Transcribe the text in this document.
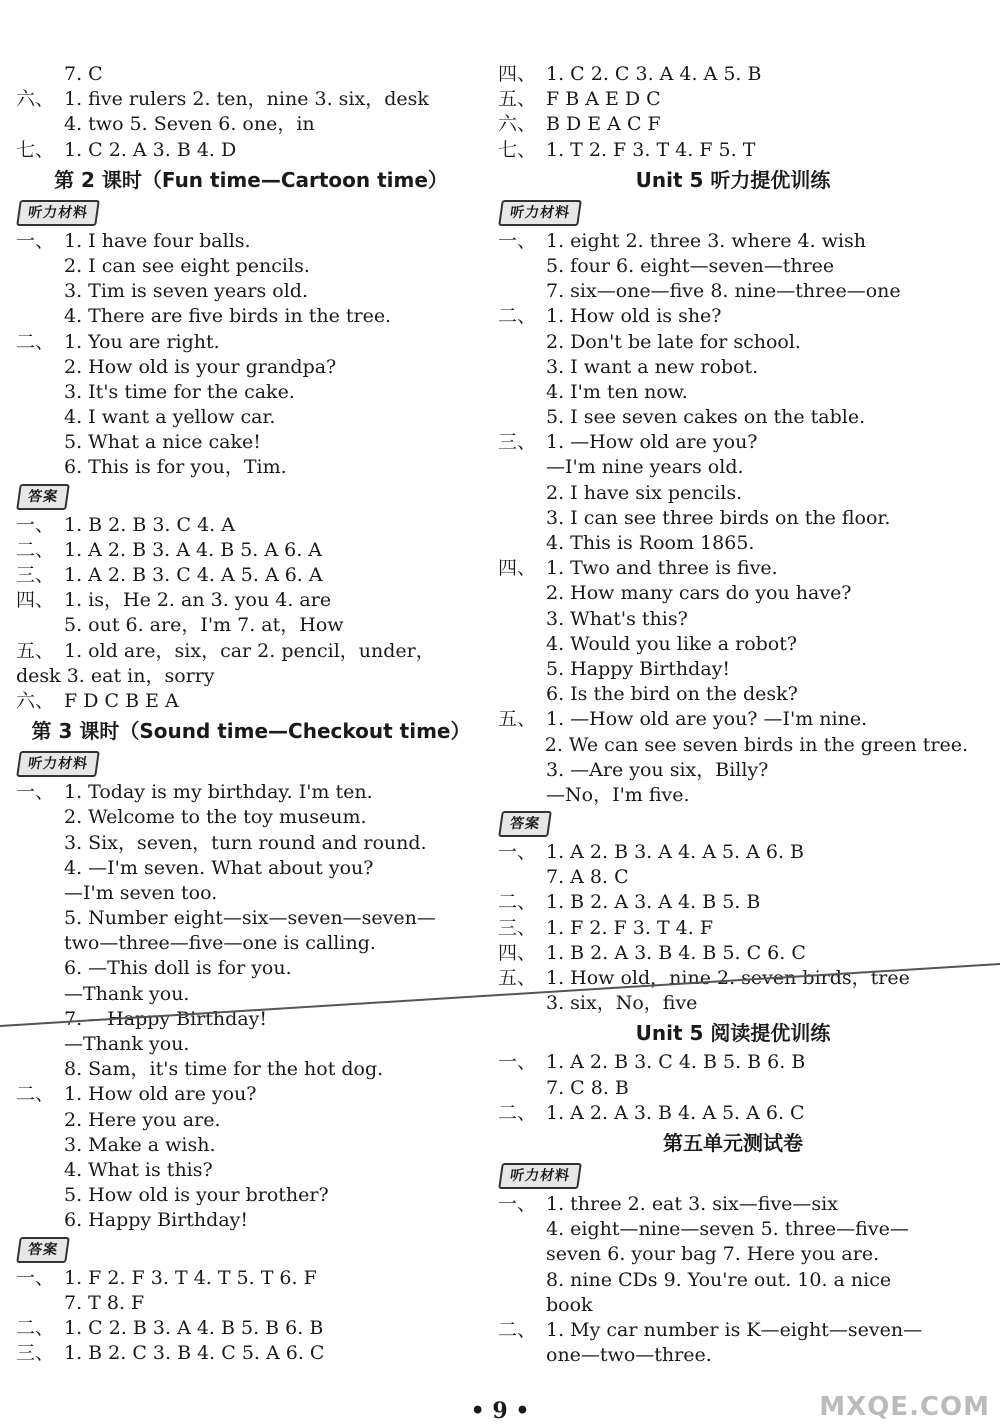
7. C
六、 1. five rulers 2. ten，nine 3. six，desk
4. two 5. Seven 6. one，in
七、 1. C 2. A 3. B 4. D
第 2 课时（Fun time—Cartoon time）
听力材料
一、 1. I have four balls.
2. I can see eight pencils.
3. Tim is seven years old.
4. There are five birds in the tree.
二、 1. You are right.
2. How old is your grandpa?
3. It's time for the cake.
4. I want a yellow car.
5. What a nice cake!
6. This is for you，Tim.
答案
一、 1. B 2. B 3. C 4. A
二、 1. A 2. B 3. A 4. B 5. A 6. A
三、 1. A 2. B 3. C 4. A 5. A 6. A
四、 1. is，He 2. an 3. you 4. are
5. out 6. are，I'm 7. at，How
五、 1. old are，six，car 2. pencil，under，
desk 3. eat in，sorry
六、 F D C B E A
第 3 课时（Sound time—Checkout time）
听力材料
一、 1. Today is my birthday. I'm ten.
2. Welcome to the toy museum.
3. Six，seven，turn round and round.
4. —I'm seven. What about you?
—I'm seven too.
5. Number eight—six—seven—seven—
two—three—five—one is calling.
6. —This doll is for you.
—Thank you.
7. —Happy Birthday!
—Thank you.
8. Sam，it's time for the hot dog.
二、 1. How old are you?
2. Here you are.
3. Make a wish.
4. What is this?
5. How old is your brother?
6. Happy Birthday!
答案
一、 1. F 2. F 3. T 4. T 5. T 6. F
7. T 8. F
二、 1. C 2. B 3. A 4. B 5. B 6. B
三、 1. B 2. C 3. B 4. C 5. A 6. C
四、 1. C 2. C 3. A 4. A 5. B
五、 F B A E D C
六、 B D E A C F
七、 1. T 2. F 3. T 4. F 5. T
Unit 5 听力提优训练
听力材料
一、 1. eight 2. three 3. where 4. wish
5. four 6. eight—seven—three
7. six—one—five 8. nine—three—one
二、 1. How old is she?
2. Don't be late for school.
3. I want a new robot.
4. I'm ten now.
5. I see seven cakes on the table.
三、 1. —How old are you?
—I'm nine years old.
2. I have six pencils.
3. I can see three birds on the floor.
4. This is Room 1865.
四、 1. Two and three is five.
2. How many cars do you have?
3. What's this?
4. Would you like a robot?
5. Happy Birthday!
6. Is the bird on the desk?
五、 1. —How old are you? —I'm nine.
2. We can see seven birds in the green tree.
3. —Are you six，Billy?
—No，I'm five.
答案
一、 1. A 2. B 3. A 4. A 5. A 6. B
7. A 8. C
二、 1. B 2. A 3. A 4. B 5. B
三、 1. F 2. F 3. T 4. F
四、 1. B 2. A 3. B 4. B 5. C 6. C
五、 1. How old，nine 2. seven birds，tree
3. six，No，five
Unit 5 阅读提优训练
一、 1. A 2. B 3. C 4. B 5. B 6. B
7. C 8. B
二、 1. A 2. A 3. B 4. A 5. A 6. C
第五单元测试卷
听力材料
一、 1. three 2. eat 3. six—five—six
4. eight—nine—seven 5. three—five—
seven 6. your bag 7. Here you are.
8. nine CDs 9. You're out. 10. a nice
book
二、 1. My car number is K—eight—seven—
one—two—three.
• 9 •	MXQE.COM
